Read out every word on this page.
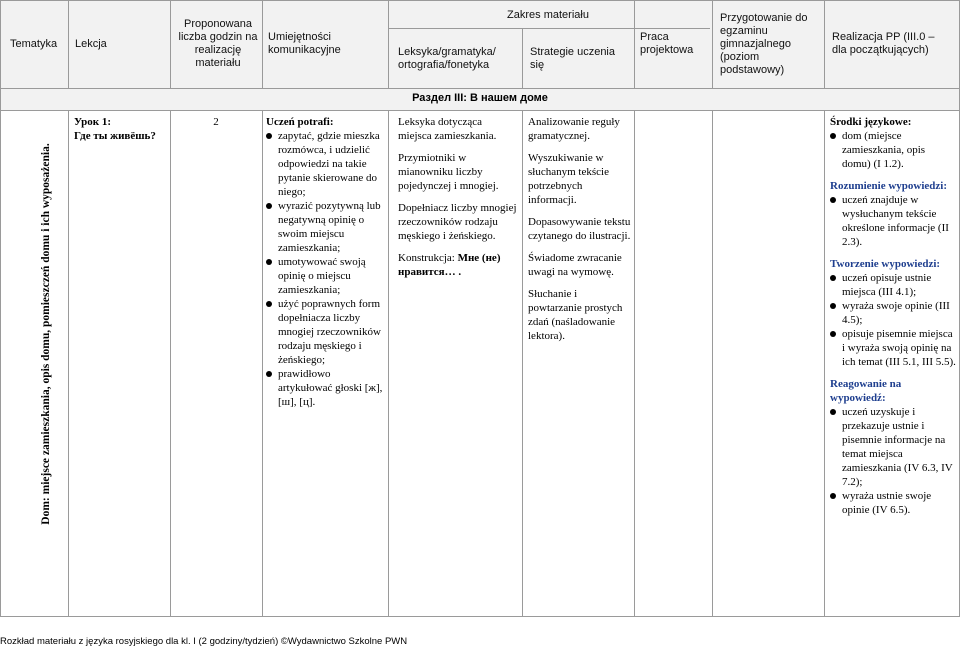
Tematyka	Lekcja
Proponowana liczba godzin na realizację materiału
Umiejętności komunikacyjne
Zakres materiału
Leksyka/gramatyka/ ortografia/fonetyka
Strategie uczenia się
Praca projektowa
Przygotowanie do egzaminu gimnazjalnego (poziom podstawowy)
Realizacja PP (III.0 – dla początkujących)
Раздел III: В нашем доме
Dom: miejsce zamieszkania, opis domu, pomieszczeń domu i ich wyposażenia.
Урок 1:
Где ты живёшь?
2	Uczeń potrafi:
zapytać, gdzie mieszka rozmówca, i udzielić odpowiedzi na takie pytanie skierowane do niego;
wyrazić pozytywną lub negatywną opinię o swoim miejscu zamieszkania;
umotywować swoją opinię o miejscu zamieszkania;
użyć poprawnych form dopełniacza liczby mnogiej rzeczowników rodzaju męskiego i żeńskiego;
prawidłowo artykułować głoski [ж], [ш], [ц].
Leksyka dotycząca miejsca zamieszkania.
Przymiotniki w mianowniku liczby pojedynczej i mnogiej.
Dopełniacz liczby mnogiej rzeczowników rodzaju męskiego i żeńskiego.
Konstrukcja: Мне (не) нравится… .
Analizowanie reguły gramatycznej.
Wyszukiwanie w słuchanym tekście potrzebnych informacji.
Dopasowywanie tekstu czytanego do ilustracji.
Świadome zwracanie uwagi na wymowę.
Słuchanie i powtarzanie prostych zdań (naśladowanie lektora).
Środki językowe:
dom (miejsce zamieszkania, opis domu) (I 1.2).
Rozumienie wypowiedzi:
uczeń znajduje w wysłuchanym tekście określone informacje (II 2.3).
Tworzenie wypowiedzi:
uczeń opisuje ustnie miejsca (III 4.1);
wyraża swoje opinie (III 4.5);
opisuje pisemnie miejsca i wyraża swoją opinię na ich temat (III 5.1, III 5.5).
Reagowanie na wypowiedź:
uczeń uzyskuje i przekazuje ustnie i pisemnie informacje na temat miejsca zamieszkania (IV 6.3, IV 7.2);
wyraża ustnie swoje opinie (IV 6.5).
Rozkład materiału z języka rosyjskiego dla kl. I (2 godziny/tydzień) ©Wydawnictwo Szkolne PWN
